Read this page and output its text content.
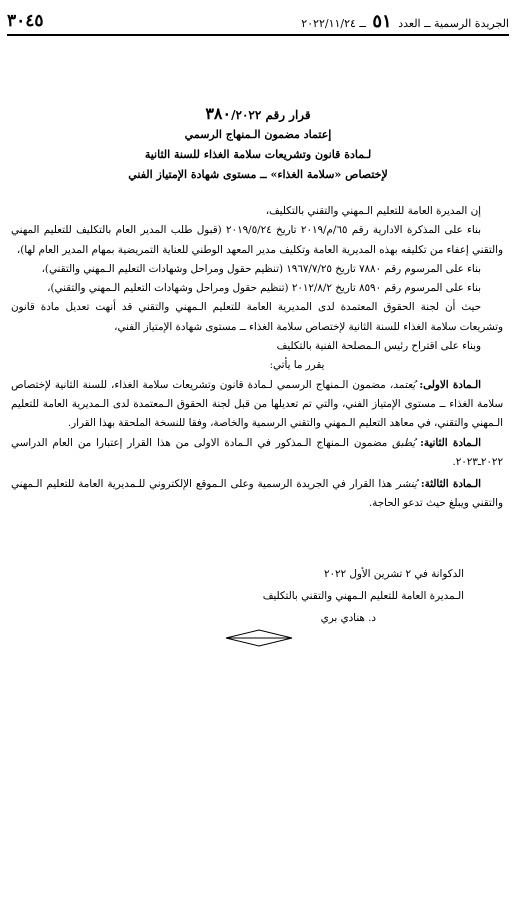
الجريدة الرسمية ــ العدد ٥١ ــ ٢٠٢٢/١١/٢٤
٣٠٤٥
قرار رقم ٣٨٠/٢٠٢٢
إعتماد مضمون الـمنهاج الرسمي
لـمادة قانون وتشريعات سلامة الغذاء للسنة الثانية
لإختصاص «سلامة الغذاء» ــ مستوى شهادة الإمتياز الفني

إن المديرة العامة للتعليم الـمهني والتقني بالتكليف،

بناء على المذكرة الادارية رقم ٦٥/م/٢٠١٩ تاريخ ٢٠١٩/٥/٢٤ (قبول طلب المدير العام بالتكليف للتعليم المهني والتقني إعفاء من تكليفه بهذه المديرية العامة وتكليف مدير المعهد الوطني للعناية التمريضية بمهام المدير العام لها)،

بناء على المرسوم رقم ٧٨٨٠ تاريخ ١٩٦٧/٧/٢٥ (تنظيم حقول ومراحل وشهادات التعليم الـمهني والتقني)،

بناء على المرسوم رقم ٨٥٩٠ تاريخ ٢٠١٢/٨/٢ (تنظيم حقول ومراحل وشهادات التعليم الـمهني والتقني)،

حيث أن لجنة الحقوق المعتمدة لدى المديرية العامة للتعليم الـمهني والتقني قد أنهت تعديل مادة قانون وتشريعات سلامة الغذاء للسنة الثانية لإختصاص سلامة الغذاء ــ مستوى شهادة الإمتياز الفني،

وبناء على اقتراح رئيس الـمصلحة الفنية بالتكليف

يقرر ما يأتي:

الـمادة الاولى: يُعتمد، مضمون الـمنهاج الرسمي لـمادة قانون وتشريعات سلامة الغذاء، للسنة الثانية لإختصاص سلامة الغذاء ــ مستوى الإمتياز الفني، والتي تم تعديلها من قبل لجنة الحقوق الـمعتمدة لدى الـمديرية العامة للتعليم الـمهني والتقني، في معاهد التعليم الـمهني والتقني الرسمية والخاصة، وفقا للنسخة الملحقة بهذا القرار.

الـمادة الثانية: يُطبق مضمون الـمنهاج الـمذكور في الـمادة الاولى من هذا القرار إعتبارا من العام الدراسي ٢٠٢٢ـ٢٠٢٣.

الـمادة الثالثة: يُنشر هذا القرار في الجريدة الرسمية وعلى الـموقع الإلكتروني للـمديرية العامة للتعليم الـمهني والتقني ويبلغ حيث تدعو الحاجة.

الدكوانة في ٢ تشرين الأول ٢٠٢٢
الـمديرة العامة للتعليم الـمهني والتقني بالتكليف
د. هنادي بري
